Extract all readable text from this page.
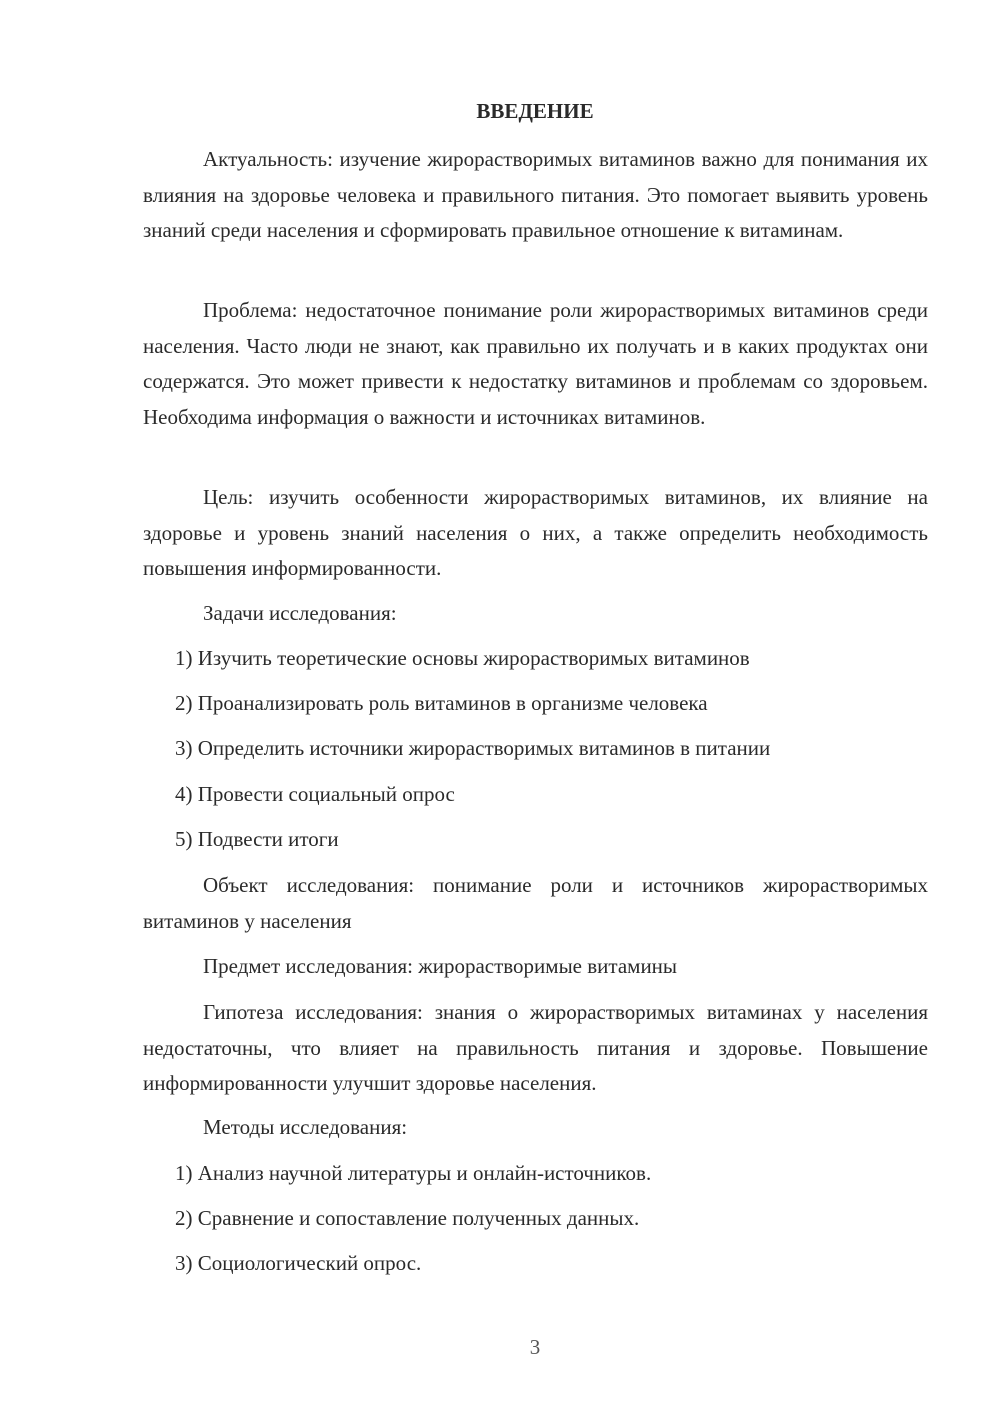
ВВЕДЕНИЕ

Актуальность: изучение жирорастворимых витаминов важно для понимания их влияния на здоровье человека и правильного питания. Это помогает выявить уровень знаний среди населения и сформировать правильное отношение к витаминам.

Проблема: недостаточное понимание роли жирорастворимых витаминов среди населения. Часто люди не знают, как правильно их получать и в каких продуктах они содержатся. Это может привести к недостатку витаминов и проблемам со здоровьем. Необходима информация о важности и источниках витаминов.

Цель: изучить особенности жирорастворимых витаминов, их влияние на здоровье и уровень знаний населения о них, а также определить необходимость повышения информированности.

Задачи исследования:

1) Изучить теоретические основы жирорастворимых витаминов

2) Проанализировать роль витаминов в организме человека

3) Определить источники жирорастворимых витаминов в питании

4) Провести социальный опрос

5) Подвести итоги

Объект исследования: понимание роли и источников жирорастворимых витаминов у населения

Предмет исследования: жирорастворимые витамины

Гипотеза исследования: знания о жирорастворимых витаминах у населения недостаточны, что влияет на правильность питания и здоровье. Повышение информированности улучшит здоровье населения.

Методы исследования:

1) Анализ научной литературы и онлайн-источников.

2) Сравнение и сопоставление полученных данных.

3) Социологический опрос.

3
